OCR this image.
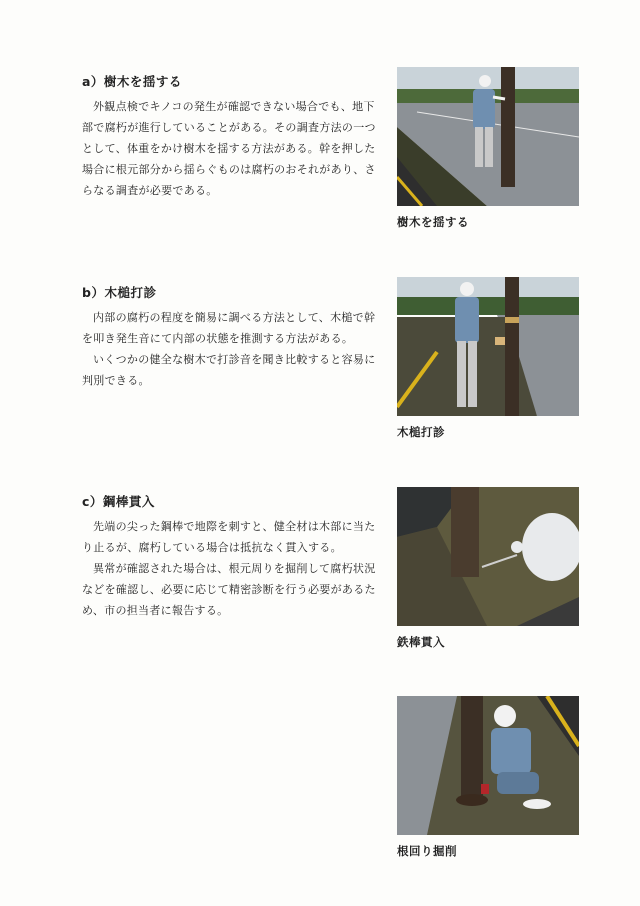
a）樹木を揺する

外観点検でキノコの発生が確認できない場合でも、地下部で腐朽が進行していることがある。その調査方法の一つとして、体重をかけ樹木を揺する方法がある。幹を押した場合に根元部分から揺らぐものは腐朽のおそれがあり、さらなる調査が必要である。

b）木槌打診

内部の腐朽の程度を簡易に調べる方法として、木槌で幹を叩き発生音にて内部の状態を推測する方法がある。

いくつかの健全な樹木で打診音を聞き比較すると容易に判別できる。

c）鋼棒貫入

先端の尖った鋼棒で地際を刺すと、健全材は木部に当たり止るが、腐朽している場合は抵抗なく貫入する。

異常が確認された場合は、根元周りを掘削して腐朽状況などを確認し、必要に応じて精密診断を行う必要があるため、市の担当者に報告する。

樹木を揺する
木槌打診
鉄棒貫入
根回り掘削
